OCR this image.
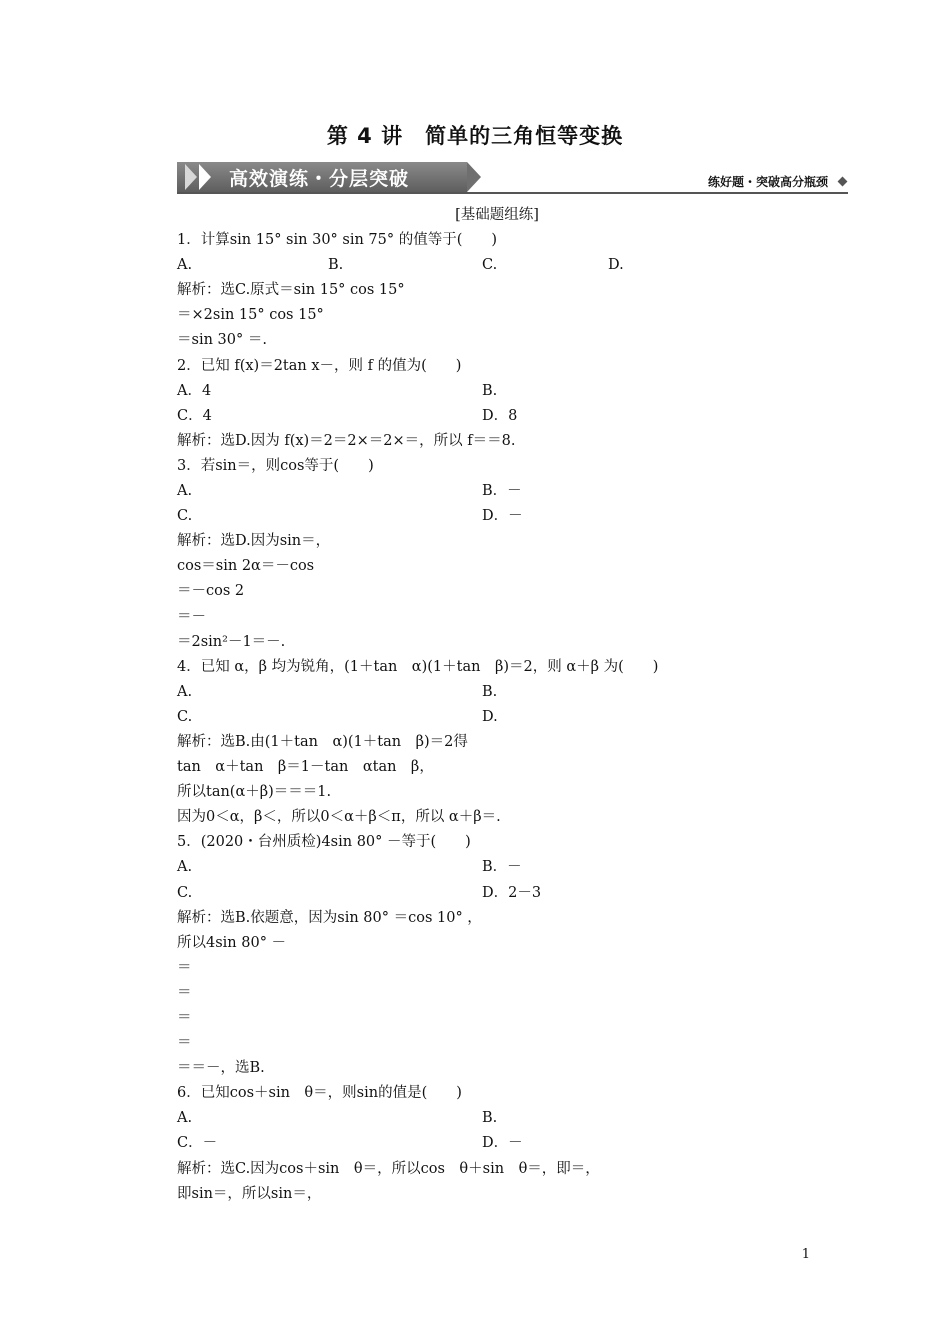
第 4 讲　简单的三角恒等变换
高效演练・分层突破	练好题・突破高分瓶颈
[基础题组练]
1．计算sin 15° sin 30° sin 75° 的值等于(　　)
A.	B.	C.	D.
解析：选C.原式＝sin 15° cos 15°
＝×2sin 15° cos 15°
＝sin 30° ＝.
2．已知 f(x)＝2tan x－，则 f 的值为(　　)
A．4	B.
C．4	D．8
解析：选D.因为 f(x)＝2＝2×＝2×＝，所以 f＝＝8.
3．若sin＝，则cos等于(　　)
A.	B．－
C.	D．－
解析：选D.因为sin＝，
cos＝sin 2α＝－cos
＝－cos 2
＝－
＝2sin²－1＝－.
4．已知 α，β 均为锐角，(1＋tan　α)(1＋tan　β)＝2，则 α＋β 为(　　)
A.	B.
C.	D.
解析：选B.由(1＋tan　α)(1＋tan　β)＝2得
tan　α＋tan　β＝1－tan　αtan　β，
所以tan(α＋β)＝＝＝1.
因为0＜α，β＜，所以0＜α＋β＜π，所以 α＋β＝.
5．(2020・台州质检)4sin 80° －等于(　　)
A.	B．－
C.	D．2－3
解析：选B.依题意，因为sin 80° ＝cos 10° ，
所以4sin 80° －
＝
＝
＝
＝
＝＝－，选B.
6．已知cos＋sin　θ＝，则sin的值是(　　)
A.	B.
C．－	D．－
解析：选C.因为cos＋sin　θ＝，所以cos　θ＋sin　θ＝，即＝，
即sin＝，所以sin＝，
1
